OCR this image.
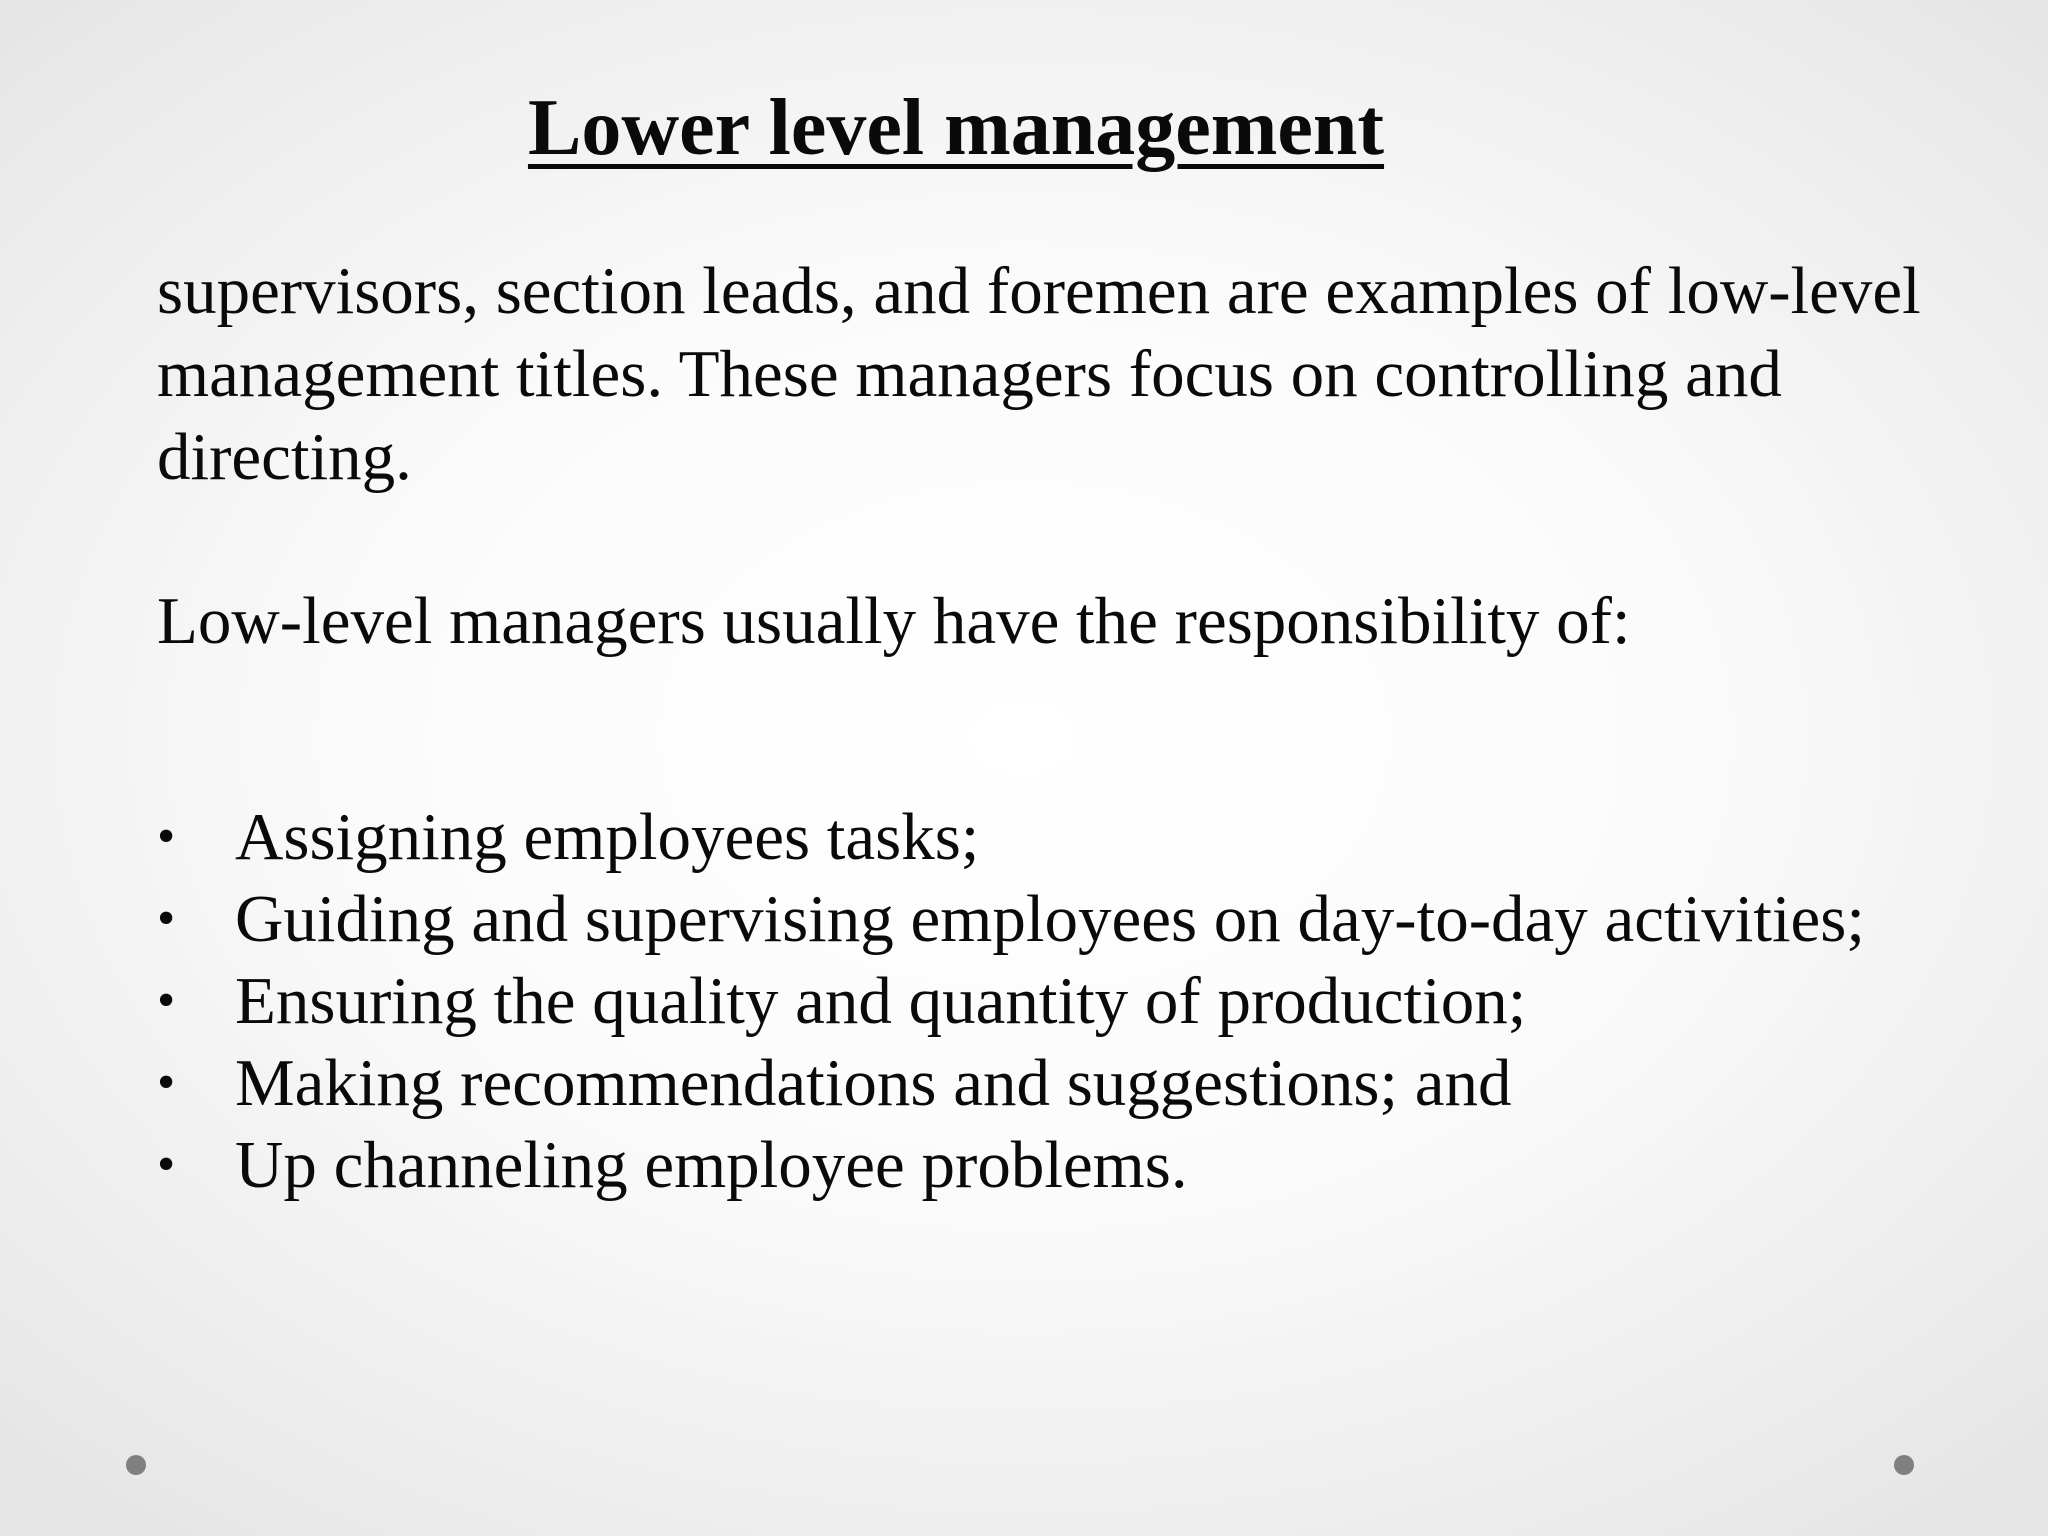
Lower level management

supervisors, section leads, and foremen are examples of low-level management titles. These managers focus on controlling and directing.

Low-level managers usually have the responsibility of:

• Assigning employees tasks;
• Guiding and supervising employees on day-to-day activities;
• Ensuring the quality and quantity of production;
• Making recommendations and suggestions; and
• Up channeling employee problems.
